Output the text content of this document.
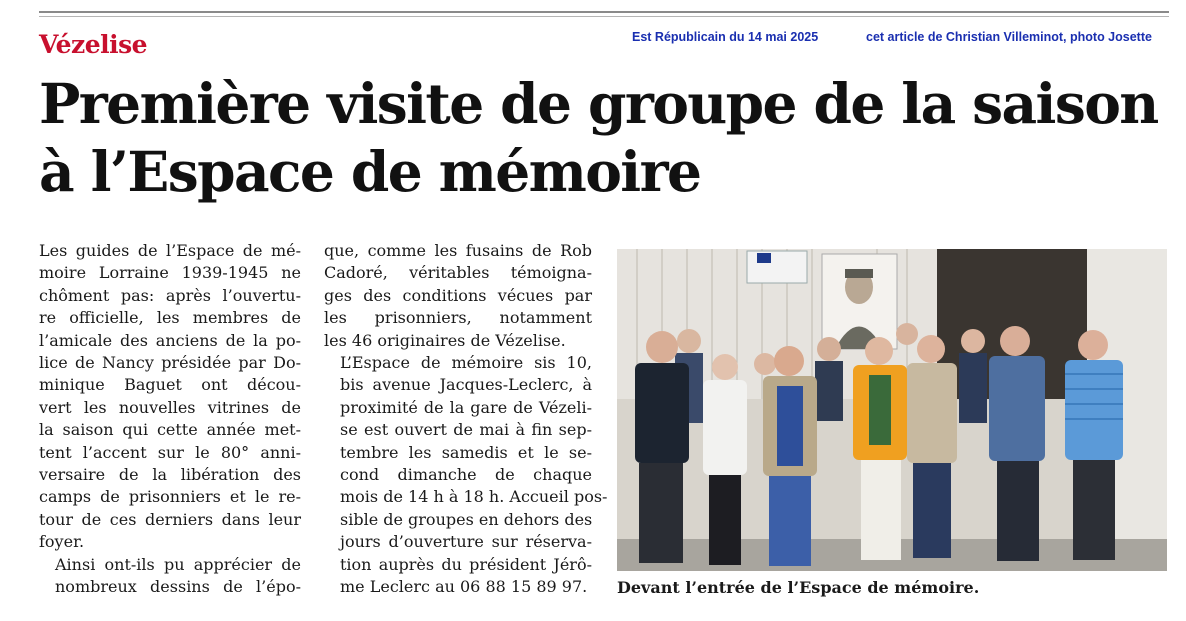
Vézelise	Est Républicain du 14 mai 2025	cet article de Christian Villeminot, photo Josette
Première visite de groupe de la saison
à l’Espace de mémoire

Les guides de l’Espace de mé-
moire Lorraine 1939-1945 ne
chôment pas: après l’ouvertu-
re officielle, les membres de
l’amicale des anciens de la po-
lice de Nancy présidée par Do-
minique Baguet ont décou-
vert les nouvelles vitrines de
la saison qui cette année met-
tent l’accent sur le 80° anni-
versaire de la libération des
camps de prisonniers et le re-
tour de ces derniers dans leur
foyer.

Ainsi ont-ils pu apprécier de
nombreux dessins de l’épo-

que, comme les fusains de Rob
Cadoré, véritables témoigna-
ges des conditions vécues par
les prisonniers, notamment
les 46 originaires de Vézelise.

L’Espace de mémoire sis 10,
bis avenue Jacques-Leclerc, à
proximité de la gare de Vézeli-
se est ouvert de mai à fin sep-
tembre les samedis et le se-
cond dimanche de chaque
mois de 14 h à 18 h. Accueil pos-
sible de groupes en dehors des
jours d’ouverture sur réserva-
tion auprès du président Jérô-
me Leclerc au 06 88 15 89 97. Devant l’entrée de l’Espace de mémoire.
